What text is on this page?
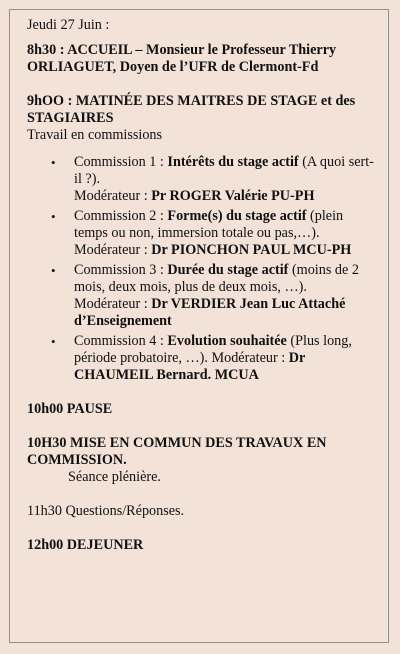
Jeudi 27 Juin :
8h30 : ACCUEIL – Monsieur le Professeur Thierry ORLIAGUET, Doyen de l’UFR de Clermont-Fd
9hOO : MATINÉE DES MAITRES DE STAGE et des STAGIAIRES
Travail en commissions
• Commission 1 : Intérêts du stage actif (A quoi sert-il ?).
Modérateur : Pr ROGER Valérie PU-PH
• Commission 2 : Forme(s) du stage actif (plein temps ou non, immersion totale ou pas,…).
Modérateur : Dr PIONCHON PAUL MCU-PH
• Commission 3 : Durée du stage actif (moins de 2 mois, deux mois, plus de deux mois, …).
Modérateur : Dr VERDIER Jean Luc Attaché d’Enseignement
• Commission 4 : Evolution souhaitée (Plus long, période probatoire, …). Modérateur : Dr CHAUMEIL Bernard. MCUA
10h00 PAUSE
10H30 MISE EN COMMUN DES TRAVAUX EN COMMISSION.
Séance plénière.
11h30 Questions/Réponses.
12h00 DEJEUNER
